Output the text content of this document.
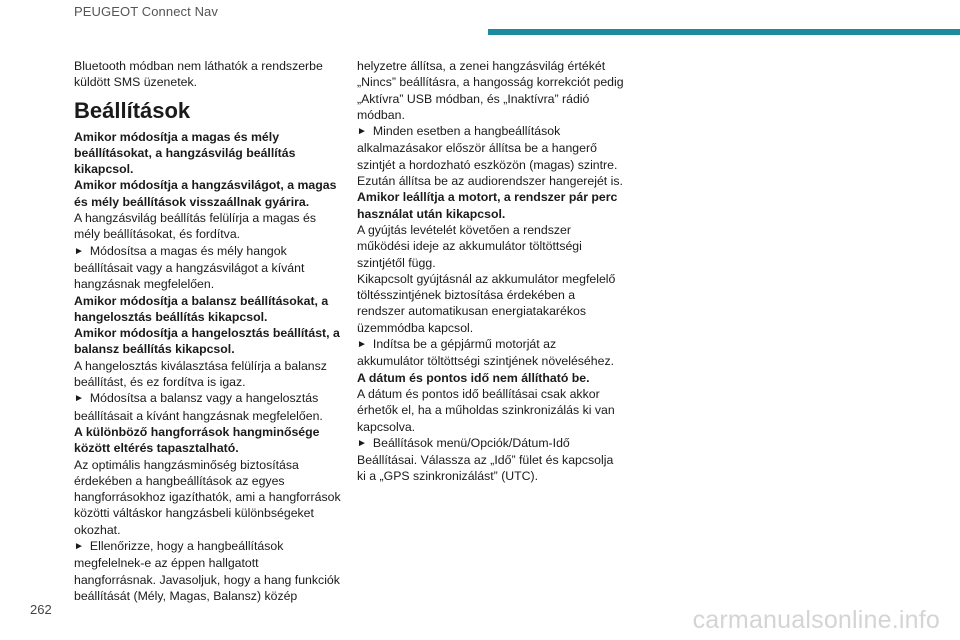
PEUGEOT Connect Nav

Bluetooth módban nem láthatók a rendszerbe küldött SMS üzenetek.

Beállítások

Amikor módosítja a magas és mély beállításokat, a hangzásvilág beállítás kikapcsol.

Amikor módosítja a hangzásvilágot, a magas és mély beállítások visszaállnak gyárira.

A hangzásvilág beállítás felülírja a magas és mély beállításokat, és fordítva.

► Módosítsa a magas és mély hangok beállításait vagy a hangzásvilágot a kívánt hangzásnak megfelelően.

Amikor módosítja a balansz beállításokat, a hangelosztás beállítás kikapcsol.

Amikor módosítja a hangelosztás beállítást, a balansz beállítás kikapcsol.

A hangelosztás kiválasztása felülírja a balansz beállítást, és ez fordítva is igaz.

► Módosítsa a balansz vagy a hangelosztás beállításait a kívánt hangzásnak megfelelően.

A különböző hangforrások hangminősége között eltérés tapasztalható.

Az optimális hangzásminőség biztosítása érdekében a hangbeállítások az egyes hangforrásokhoz igazíthatók, ami a hangforrások közötti váltáskor hangzásbeli különbségeket okozhat.

► Ellenőrizze, hogy a hangbeállítások megfelelnek-e az éppen hallgatott hangforrásnak. Javasoljuk, hogy a hang funkciók beállítását (Mély, Magas, Balansz) közép

helyzetre állítsa, a zenei hangzásvilág értékét „Nincs” beállításra, a hangosság korrekciót pedig „Aktívra” USB módban, és „Inaktívra” rádió módban.

► Minden esetben a hangbeállítások alkalmazásakor először állítsa be a hangerő szintjét a hordozható eszközön (magas) szintre. Ezután állítsa be az audiorendszer hangerejét is.

Amikor leállítja a motort, a rendszer pár perc használat után kikapcsol.

A gyújtás levételét követően a rendszer működési ideje az akkumulátor töltöttségi szintjétől függ.

Kikapcsolt gyújtásnál az akkumulátor megfelelő töltésszintjének biztosítása érdekében a rendszer automatikusan energiatakarékos üzemmódba kapcsol.

► Indítsa be a gépjármű motorját az akkumulátor töltöttségi szintjének növeléséhez.

A dátum és pontos idő nem állítható be.

A dátum és pontos idő beállításai csak akkor érhetők el, ha a műholdas szinkronizálás ki van kapcsolva.

► Beállítások menü/Opciók/Dátum-Idő Beállításai. Válassza az „Idő” fület és kapcsolja ki a „GPS szinkronizálást” (UTC).

262	carmanualsonline.info
